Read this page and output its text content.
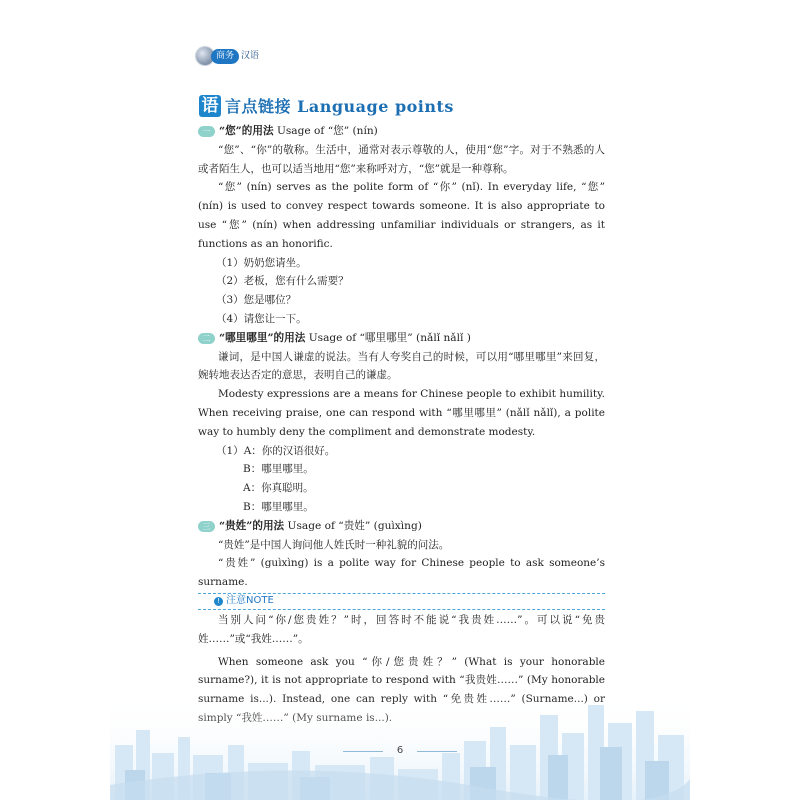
商务 汉语
语 言点链接 Language points
一 “您”的用法
Usage of “您” (nín)

“您”、“你”的敬称。生活中，通常对表示尊敬的人，使用“您”字。对于不熟悉的人或者陌生人，也可以适当地用“您”来称呼对方，“您”就是一种尊称。

“您” (nín) serves as the polite form of “你” (nǐ). In everyday life, “您” (nín) is used to convey respect towards someone. It is also appropriate to use “您” (nín) when addressing unfamiliar individuals or strangers, as it functions as an honorific.

（1）奶奶您请坐。

（2）老板，您有什么需要？

（3）您是哪位？

（4）请您让一下。

二 “哪里哪里”的用法
Usage of “哪里哪里” (nǎlǐ nǎlǐ )

谦词，是中国人谦虚的说法。当有人夸奖自己的时候，可以用“哪里哪里”来回复，婉转地表达否定的意思，表明自己的谦虚。

Modesty expressions are a means for Chinese people to exhibit humility. When receiving praise, one can respond with “哪里哪里” (nǎlǐ nǎlǐ), a polite way to humbly deny the compliment and demonstrate modesty.

（1）A：你的汉语很好。

B：哪里哪里。

A：你真聪明。

B：哪里哪里。

三 “贵姓”的用法
Usage of “贵姓” (guìxìng)

“贵姓”是中国人询问他人姓氏时一种礼貌的问法。

“贵姓” (guìxìng) is a polite way for Chinese people to ask someone’s surname.

! 注意NOTE

当别人问“你/您贵姓？”时，回答时不能说“我贵姓……”。可以说“免贵姓……”或“我姓……”。

When someone ask you “你/您贵姓？” (What is your honorable surname?), it is not appropriate to respond with “我贵姓……” (My honorable

6
